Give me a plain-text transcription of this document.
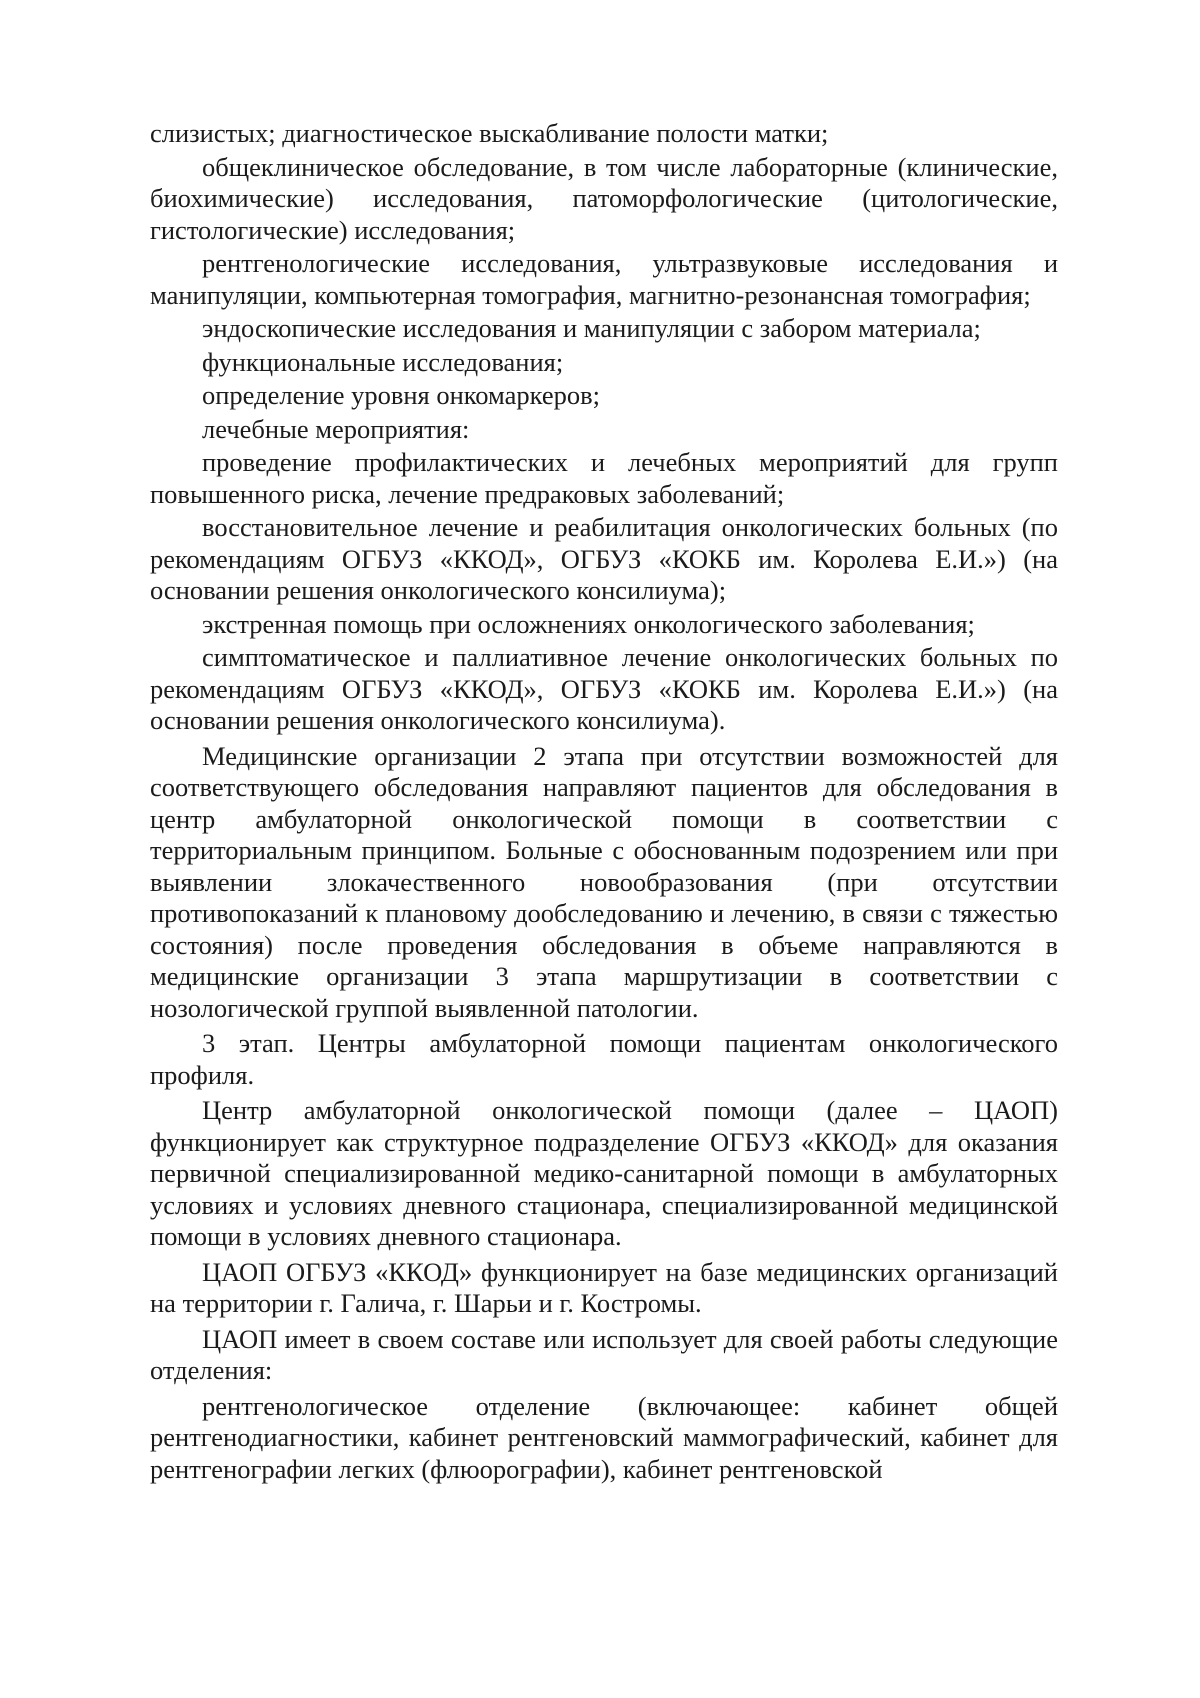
слизистых; диагностическое выскабливание полости матки;

общеклиническое обследование, в том числе лабораторные (клинические, биохимические) исследования, патоморфологические (цитологические, гистологические) исследования;

рентгенологические исследования, ультразвуковые исследования и манипуляции, компьютерная томография, магнитно-резонансная томография;

эндоскопические исследования и манипуляции с забором материала;

функциональные исследования;

определение уровня онкомаркеров;

лечебные мероприятия:

проведение профилактических и лечебных мероприятий для групп повышенного риска, лечение предраковых заболеваний;

восстановительное лечение и реабилитация онкологических больных (по рекомендациям ОГБУЗ «ККОД», ОГБУЗ «КОКБ им. Королева Е.И.») (на основании решения онкологического консилиума);

экстренная помощь при осложнениях онкологического заболевания;

симптоматическое и паллиативное лечение онкологических больных по рекомендациям ОГБУЗ «ККОД», ОГБУЗ «КОКБ им. Королева Е.И.») (на основании решения онкологического консилиума).

Медицинские организации 2 этапа при отсутствии возможностей для соответствующего обследования направляют пациентов для обследования в центр амбулаторной онкологической помощи в соответствии с территориальным принципом. Больные с обоснованным подозрением или при выявлении злокачественного новообразования (при отсутствии противопоказаний к плановому дообследованию и лечению, в связи с тяжестью состояния) после проведения обследования в объеме направляются в медицинские организации 3 этапа маршрутизации в соответствии с нозологической группой выявленной патологии.

3 этап. Центры амбулаторной помощи пациентам онкологического профиля.

Центр амбулаторной онкологической помощи (далее – ЦАОП) функционирует как структурное подразделение ОГБУЗ «ККОД» для оказания первичной специализированной медико-санитарной помощи в амбулаторных условиях и условиях дневного стационара, специализированной медицинской помощи в условиях дневного стационара.

ЦАОП ОГБУЗ «ККОД» функционирует на базе медицинских организаций на территории г. Галича, г. Шарьи и г. Костромы.

ЦАОП имеет в своем составе или использует для своей работы следующие отделения:

рентгенологическое отделение (включающее: кабинет общей рентгенодиагностики, кабинет рентгеновский маммографический, кабинет для рентгенографии легких (флюорографии), кабинет рентгеновской
